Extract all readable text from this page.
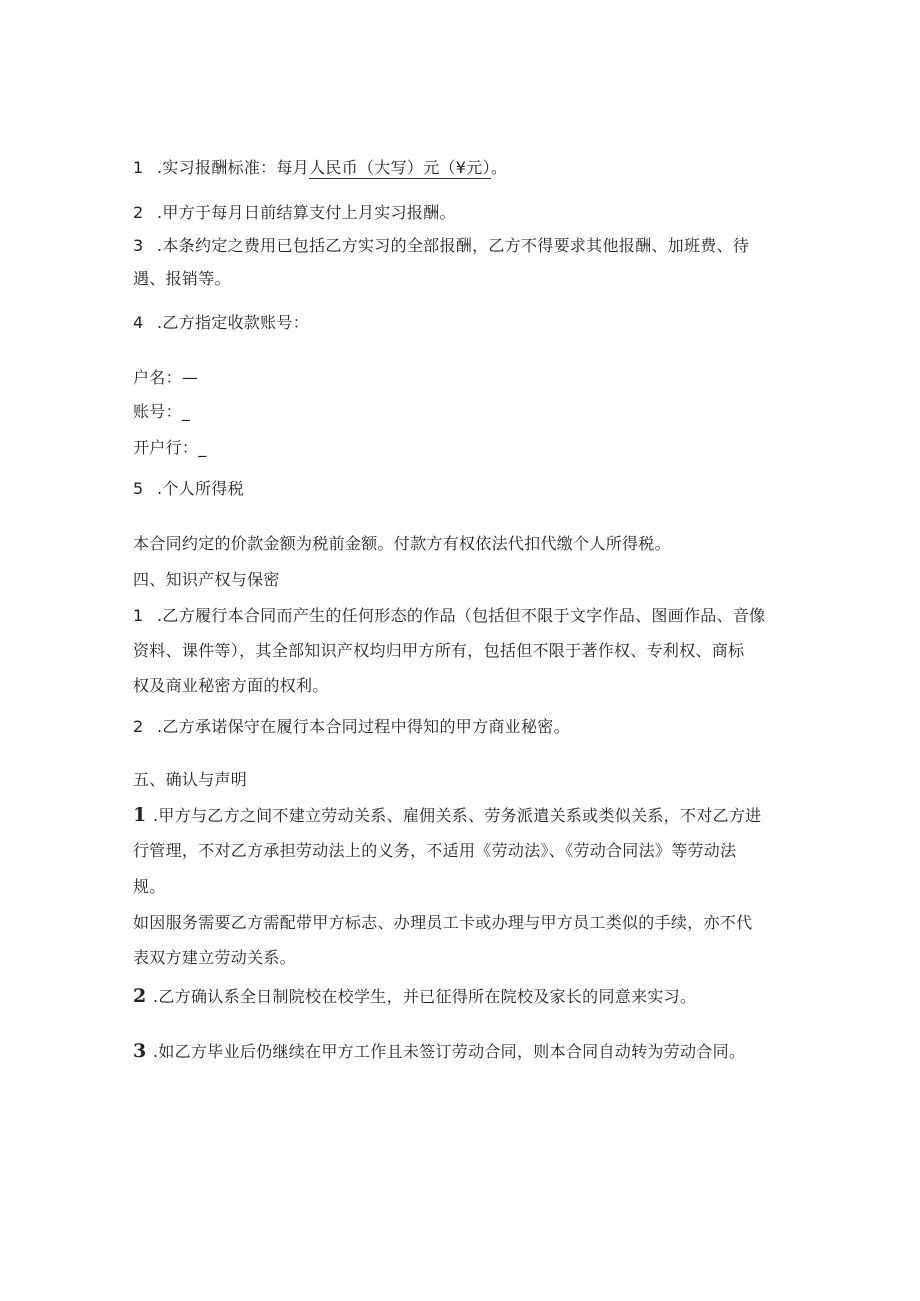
1 .实习报酬标准：每月人民币（大写）元（¥元）。
2 .甲方于每月日前结算支付上月实习报酬。
3 .本条约定之费用已包括乙方实习的全部报酬，乙方不得要求其他报酬、加班费、待
遇、报销等。
4 .乙方指定收款账号：
户名：—
账号：_
开户行：_
5 .个人所得税
本合同约定的价款金额为税前金额。付款方有权依法代扣代缴个人所得税。
四、知识产权与保密
1 .乙方履行本合同而产生的任何形态的作品（包括但不限于文字作品、图画作品、音像
资料、课件等），其全部知识产权均归甲方所有，包括但不限于著作权、专利权、商标
权及商业秘密方面的权利。
2 .乙方承诺保守在履行本合同过程中得知的甲方商业秘密。
五、确认与声明
1 .甲方与乙方之间不建立劳动关系、雇佣关系、劳务派遣关系或类似关系，不对乙方进
行管理，不对乙方承担劳动法上的义务，不适用《劳动法》、《劳动合同法》等劳动法
规。
如因服务需要乙方需配带甲方标志、办理员工卡或办理与甲方员工类似的手续，亦不代
表双方建立劳动关系。
2 .乙方确认系全日制院校在校学生，并已征得所在院校及家长的同意来实习。
3 .如乙方毕业后仍继续在甲方工作且未签订劳动合同，则本合同自动转为劳动合同。
